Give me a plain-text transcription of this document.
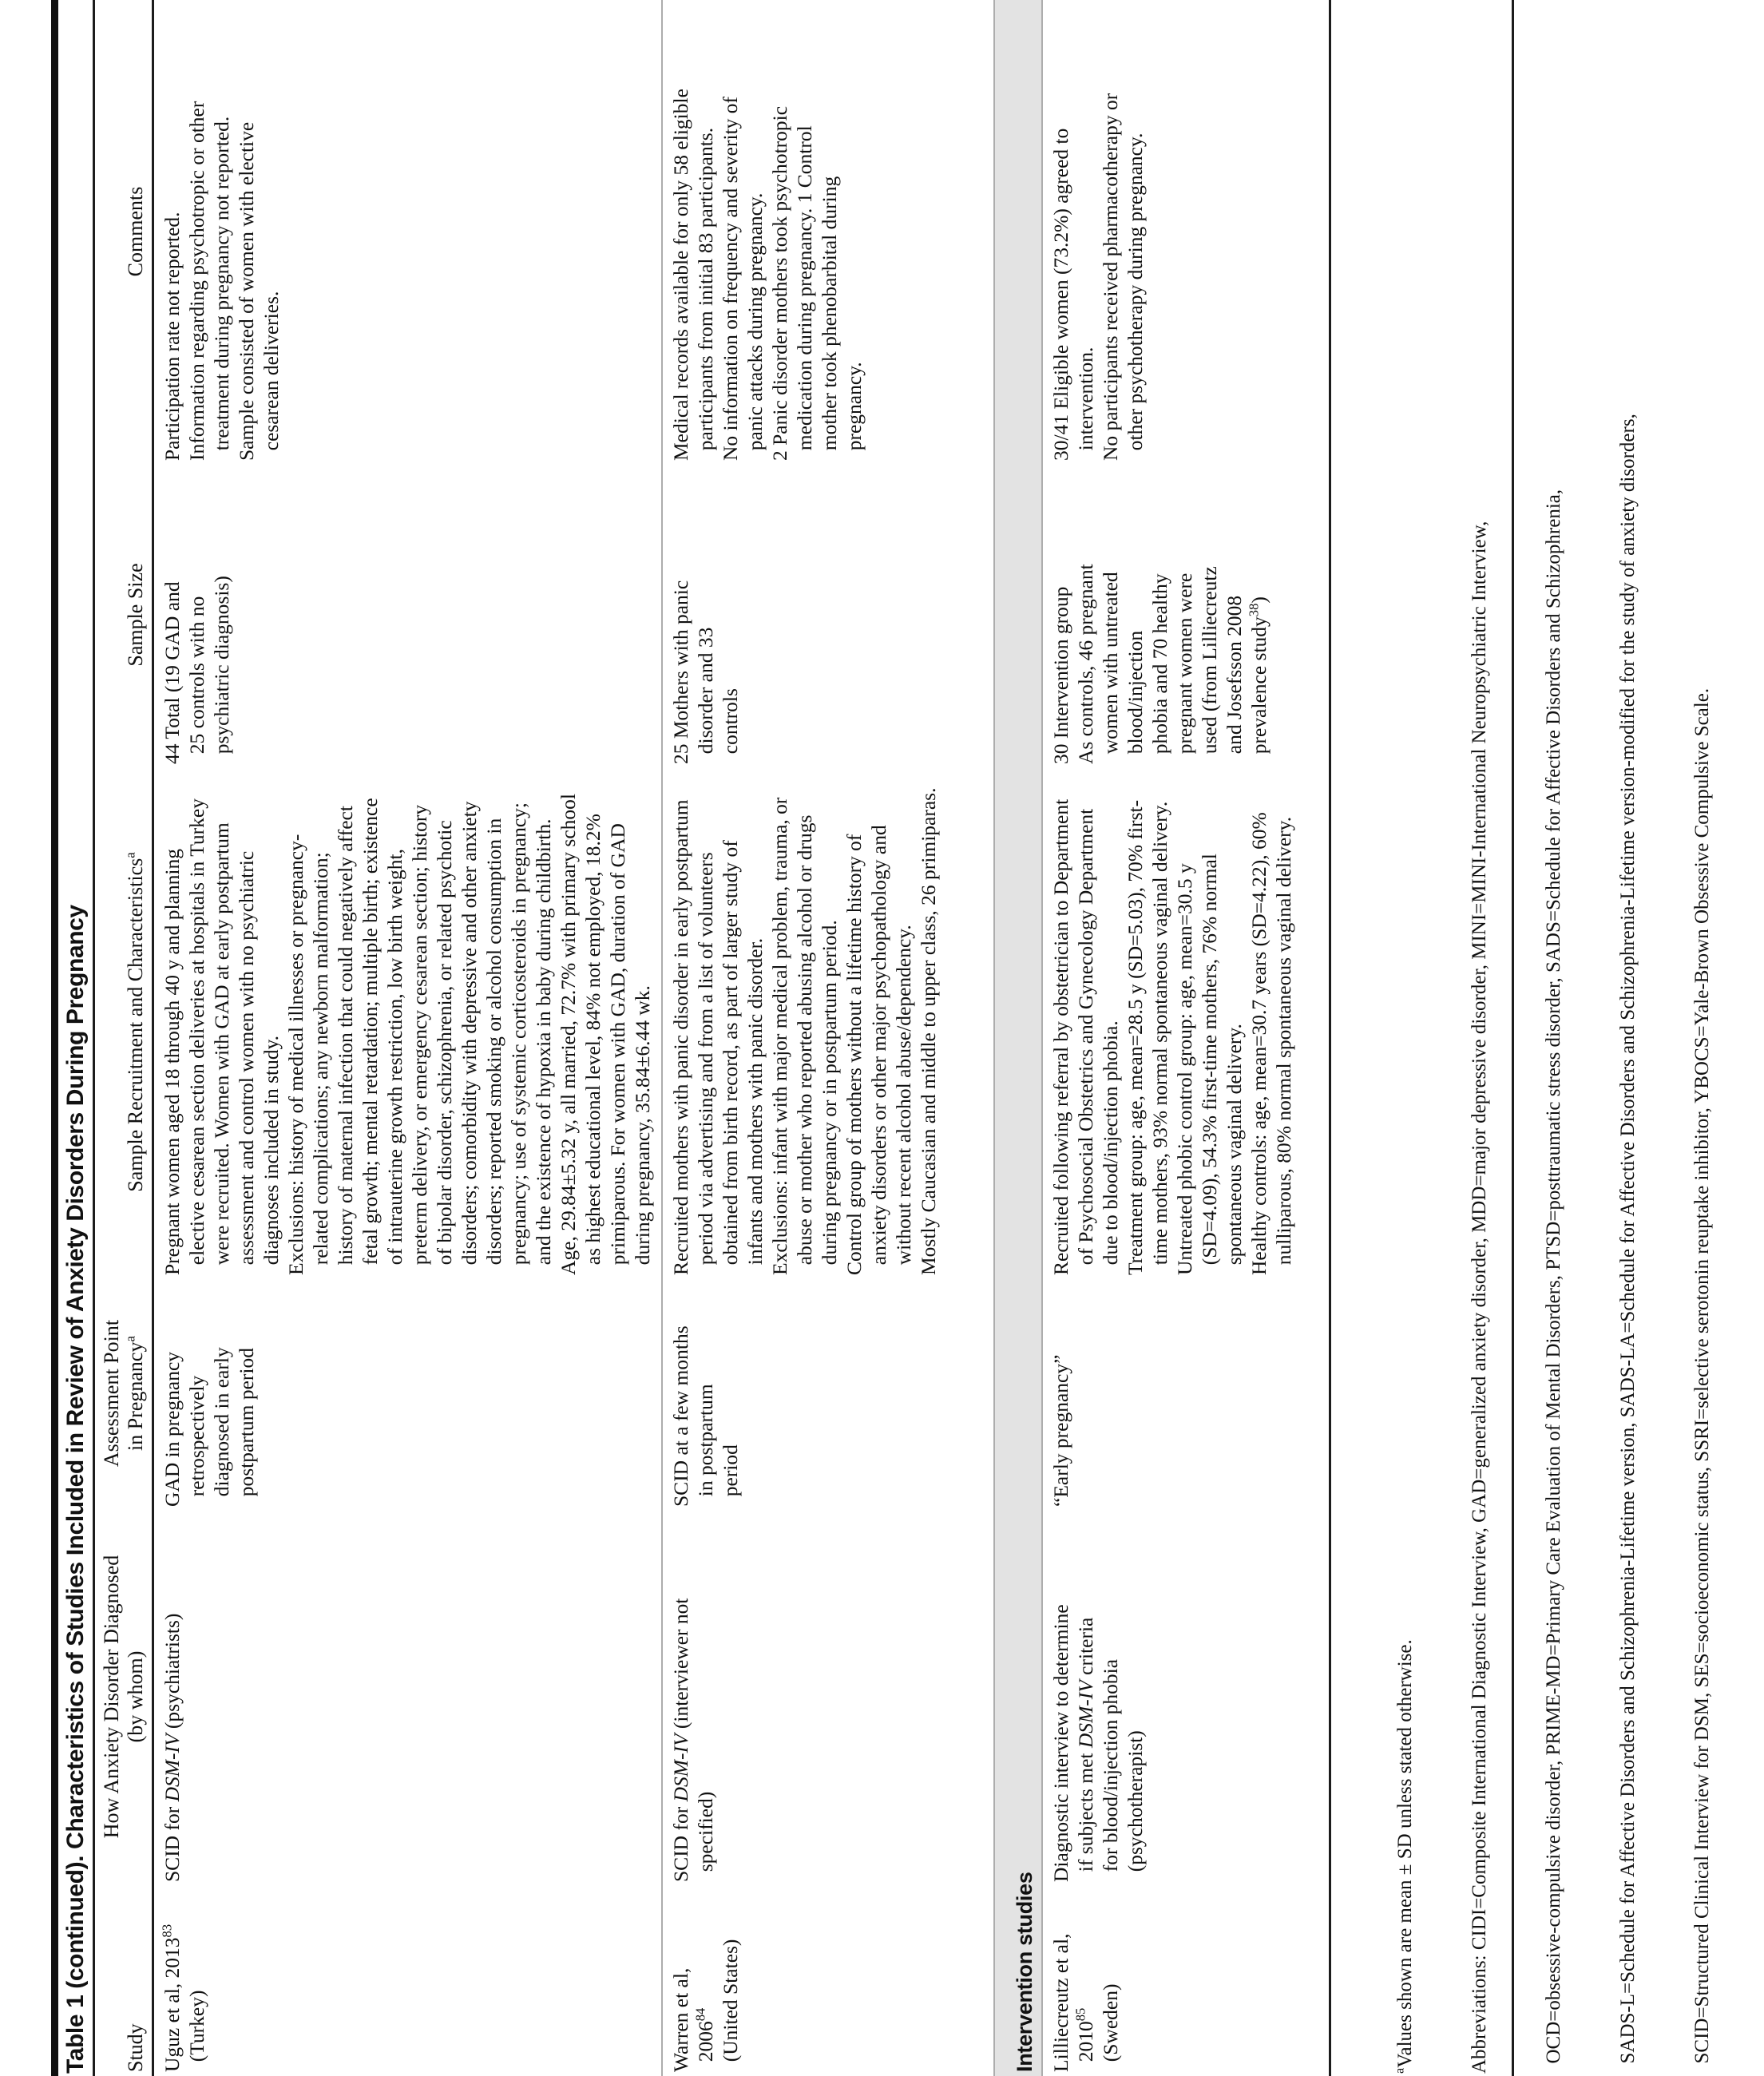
Table 1 (continued). Characteristics of Studies Included in Review of Anxiety Disorders During Pregnancy Study	How Anxiety Disorder Diagnosed
(by whom)	Assessment Point
in Pregnancy$^a$	Sample Recruitment and Characteristics$^a$	Sample Size	Comments
Uguz et al, 2013$^{83}$
(Turkey)	SCID for DSM-IV (psychiatrists)	GAD in pregnancy
retrospectively
diagnosed in early
postpartum period	Pregnant women aged 18 through 40 y and planning
elective cesarean section deliveries at hospitals in Turkey
were recruited. Women with GAD at early postpartum
assessment and control women with no psychiatric
diagnoses included in study.
Exclusions: history of medical illnesses or pregnancy-
related complications; any newborn malformation;
history of maternal infection that could negatively affect
fetal growth; mental retardation; multiple birth; existence
of intrauterine growth restriction, low birth weight,
preterm delivery, or emergency cesarean section; history
of bipolar disorder, schizophrenia, or related psychotic
disorders; comorbidity with depressive and other anxiety
disorders; reported smoking or alcohol consumption in
pregnancy; use of systemic corticosteroids in pregnancy;
and the existence of hypoxia in baby during childbirth.
Age, 29.84±5.32 y, all married, 72.7% with primary school
as highest educational level, 84% not employed, 18.2%
primiparous. For women with GAD, duration of GAD
during pregnancy, 35.84±6.44 wk.	44 Total (19 GAD and
25 controls with no
psychiatric diagnosis)	Participation rate not reported.
Information regarding psychotropic or other
treatment during pregnancy not reported.
Sample consisted of women with elective
cesarean deliveries.
Warren et al,
2006$^{84}$
(United States)	SCID for DSM-IV (interviewer not
specified)	SCID at a few months
in postpartum
period	Recruited mothers with panic disorder in early postpartum
period via advertising and from a list of volunteers
obtained from birth record, as part of larger study of
infants and mothers with panic disorder.
Exclusions: infant with major medical problem, trauma, or
abuse or mother who reported abusing alcohol or drugs
during pregnancy or in postpartum period.
Control group of mothers without a lifetime history of
anxiety disorders or other major psychopathology and
without recent alcohol abuse/dependency.
Mostly Caucasian and middle to upper class, 26 primiparas.	25 Mothers with panic
disorder and 33
controls	Medical records available for only 58 eligible
participants from initial 83 participants.
No information on frequency and severity of
panic attacks during pregnancy.
2 Panic disorder mothers took psychotropic
medication during pregnancy. 1 Control
mother took phenobarbital during
pregnancy.
Intervention studies					
Lilliecreutz et al,
2010$^{85}$
(Sweden)	Diagnostic interview to determine
if subjects met DSM-IV criteria
for blood/injection phobia
(psychotherapist)	“Early pregnancy”	Recruited following referral by obstetrician to Department
of Psychosocial Obstetrics and Gynecology Department
due to blood/injection phobia.
Treatment group: age, mean=28.5 y (SD=5.03), 70% first-
time mothers, 93% normal spontaneous vaginal delivery.
Untreated phobic control group: age, mean=30.5 y
(SD=4.09), 54.3% first-time mothers, 76% normal
spontaneous vaginal delivery.
Healthy controls: age, mean=30.7 years (SD=4.22), 60%
nulliparous, 80% normal spontaneous vaginal delivery.	30 Intervention group
As controls, 46 pregnant
women with untreated
blood/injection
phobia and 70 healthy
pregnant women were
used (from Lilliecreutz
and Josefsson 2008
prevalence study$^{38}$)	30/41 Eligible women (73.2%) agreed to
intervention.
No participants received pharmacotherapy or
other psychotherapy during pregnancy.

$^a$Values shown are mean ± SD unless stated otherwise.

	Abbreviations: CIDI=Composite International Diagnostic Interview, GAD=generalized anxiety disorder, MDD=major depressive disorder, MINI=MINI-International Neuropsychiatric Interview,

	OCD=obsessive-compulsive disorder, PRIME-MD=Primary Care Evaluation of Mental Disorders, PTSD=posttraumatic stress disorder, SADS=Schedule for Affective Disorders and Schizophrenia,

SADS-L=Schedule for Affective Disorders and Schizophrenia-Lifetime version, SADS-LA=Schedule for Affective Disorders and Schizophrenia-Lifetime version-modified for the study of anxiety disorders,

SCID=Structured Clinical Interview for DSM, SES=socioeconomic status, SSRI=selective serotonin reuptake inhibitor, YBOCS=Yale-Brown Obsessive Compulsive Scale.
